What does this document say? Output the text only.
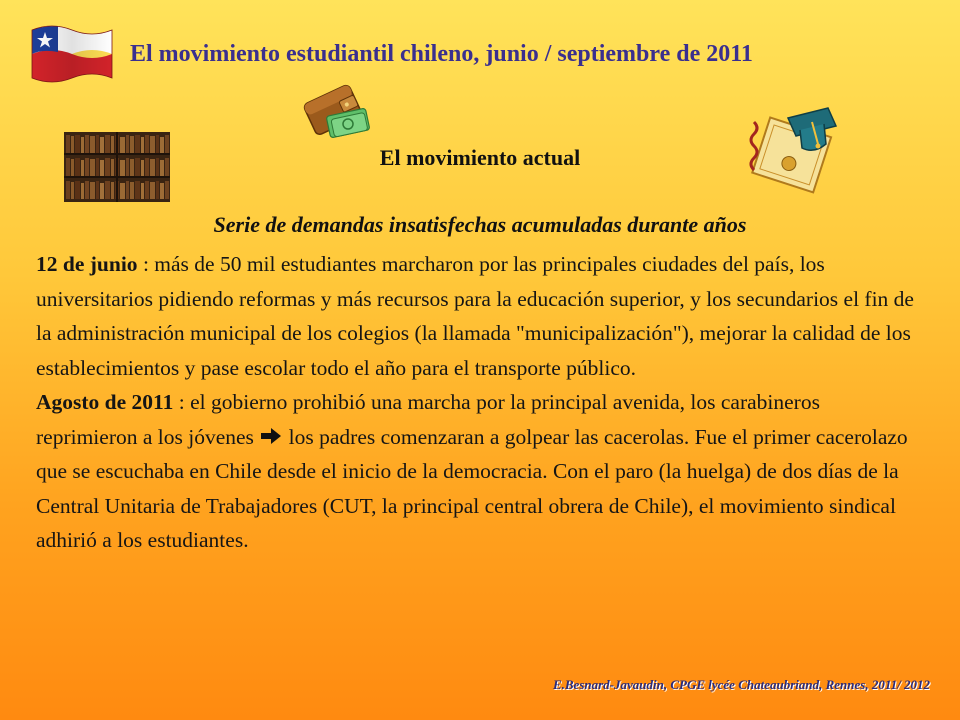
El movimiento estudiantil chileno, junio / septiembre de 2011
El movimiento actual
Serie de demandas insatisfechas acumuladas durante años

12 de junio : más de 50 mil estudiantes marcharon por las principales ciudades del país, los universitarios pidiendo reformas y más recursos para la educación superior, y los secundarios el fin de la administración municipal de los colegios (la llamada "municipalización"), mejorar la calidad de los establecimientos y pase escolar todo el año para el transporte público.

Agosto de 2011 : el gobierno prohibió una marcha por la principal avenida, los carabineros reprimieron a los jóvenes  los padres comenzaran a golpear las cacerolas. Fue el primer cacerolazo que se escuchaba en Chile desde el inicio de la democracia. Con el paro (la huelga) de dos días de la Central Unitaria de Trabajadores (CUT, la principal central obrera de Chile), el movimiento sindical adhirió a los estudiantes.

E.Besnard-Javaudin, CPGE lycée Chateaubriand, Rennes, 2011/ 2012
